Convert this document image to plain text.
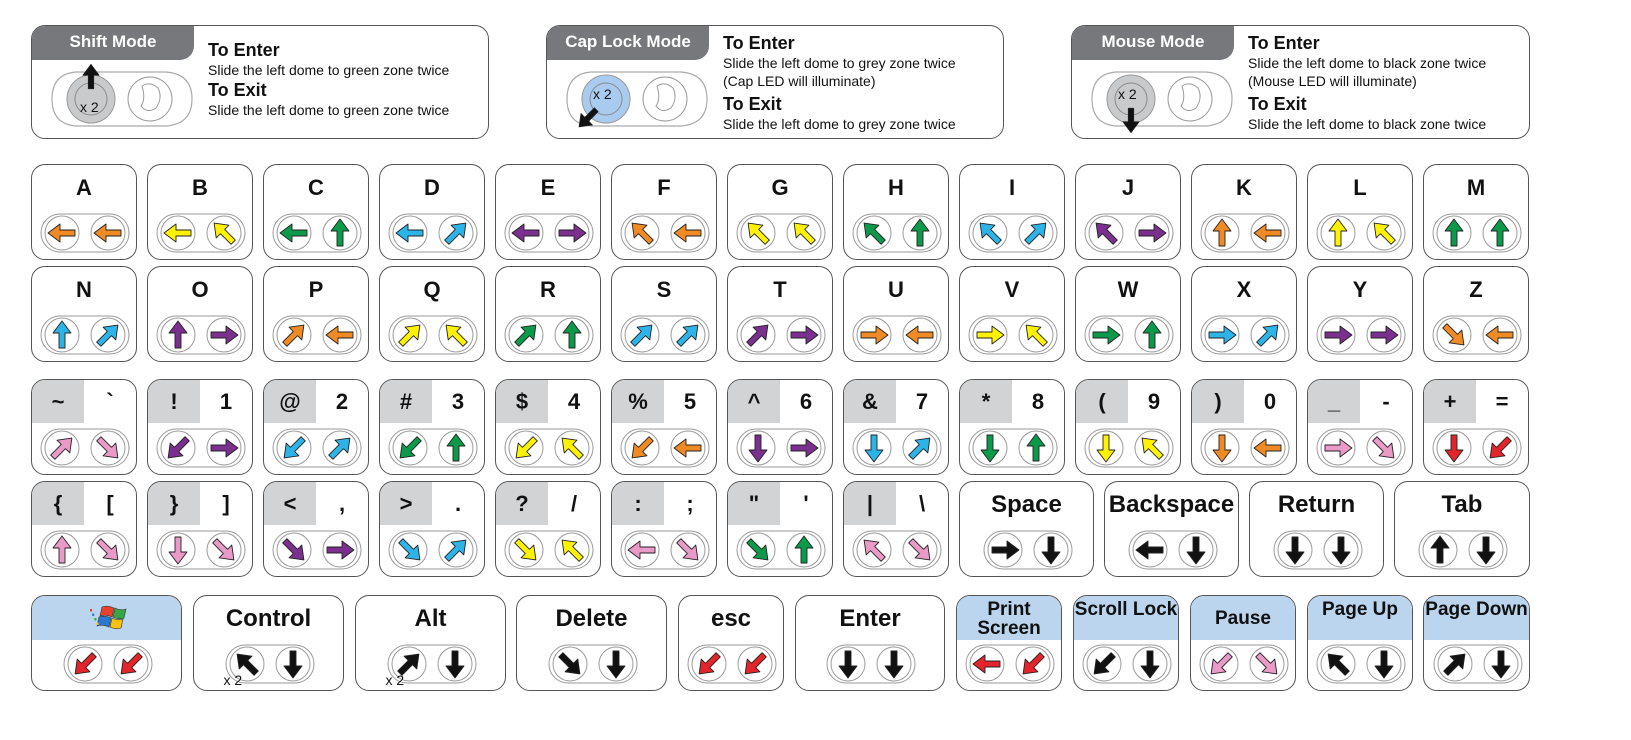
Shift Mode
x 2
To Enter
Slide the left dome to green zone twice
To Exit
Slide the left dome to green zone twice
Cap Lock Mode
x 2
To Enter
Slide the left dome to grey zone twice
(Cap LED will illuminate)
To Exit
Slide the left dome to grey zone twice
Mouse Mode
x 2
To Enter
Slide the left dome to black zone twice
(Mouse LED will illuminate)
To Exit
Slide the left dome to black zone twice
A	B	C	D	E	F	G	H	I	J	K	L	M
N	O	P	Q	R	S	T	U	V	W	X	Y	Z
~	`	!	1	@	2	#	3	$	4	%	5	^	6	&	7	*	8	(	9	)	0	_	-	+	=
{	[	}	]	<	,	>	.	?	/	:	;	"	'	|	\	Space	Backspace	Return	Tab
Control
x 2
Alt
x 2
Delete	esc	Enter	Print Screen
Scroll Lock	Pause	Page Up	Page Down
